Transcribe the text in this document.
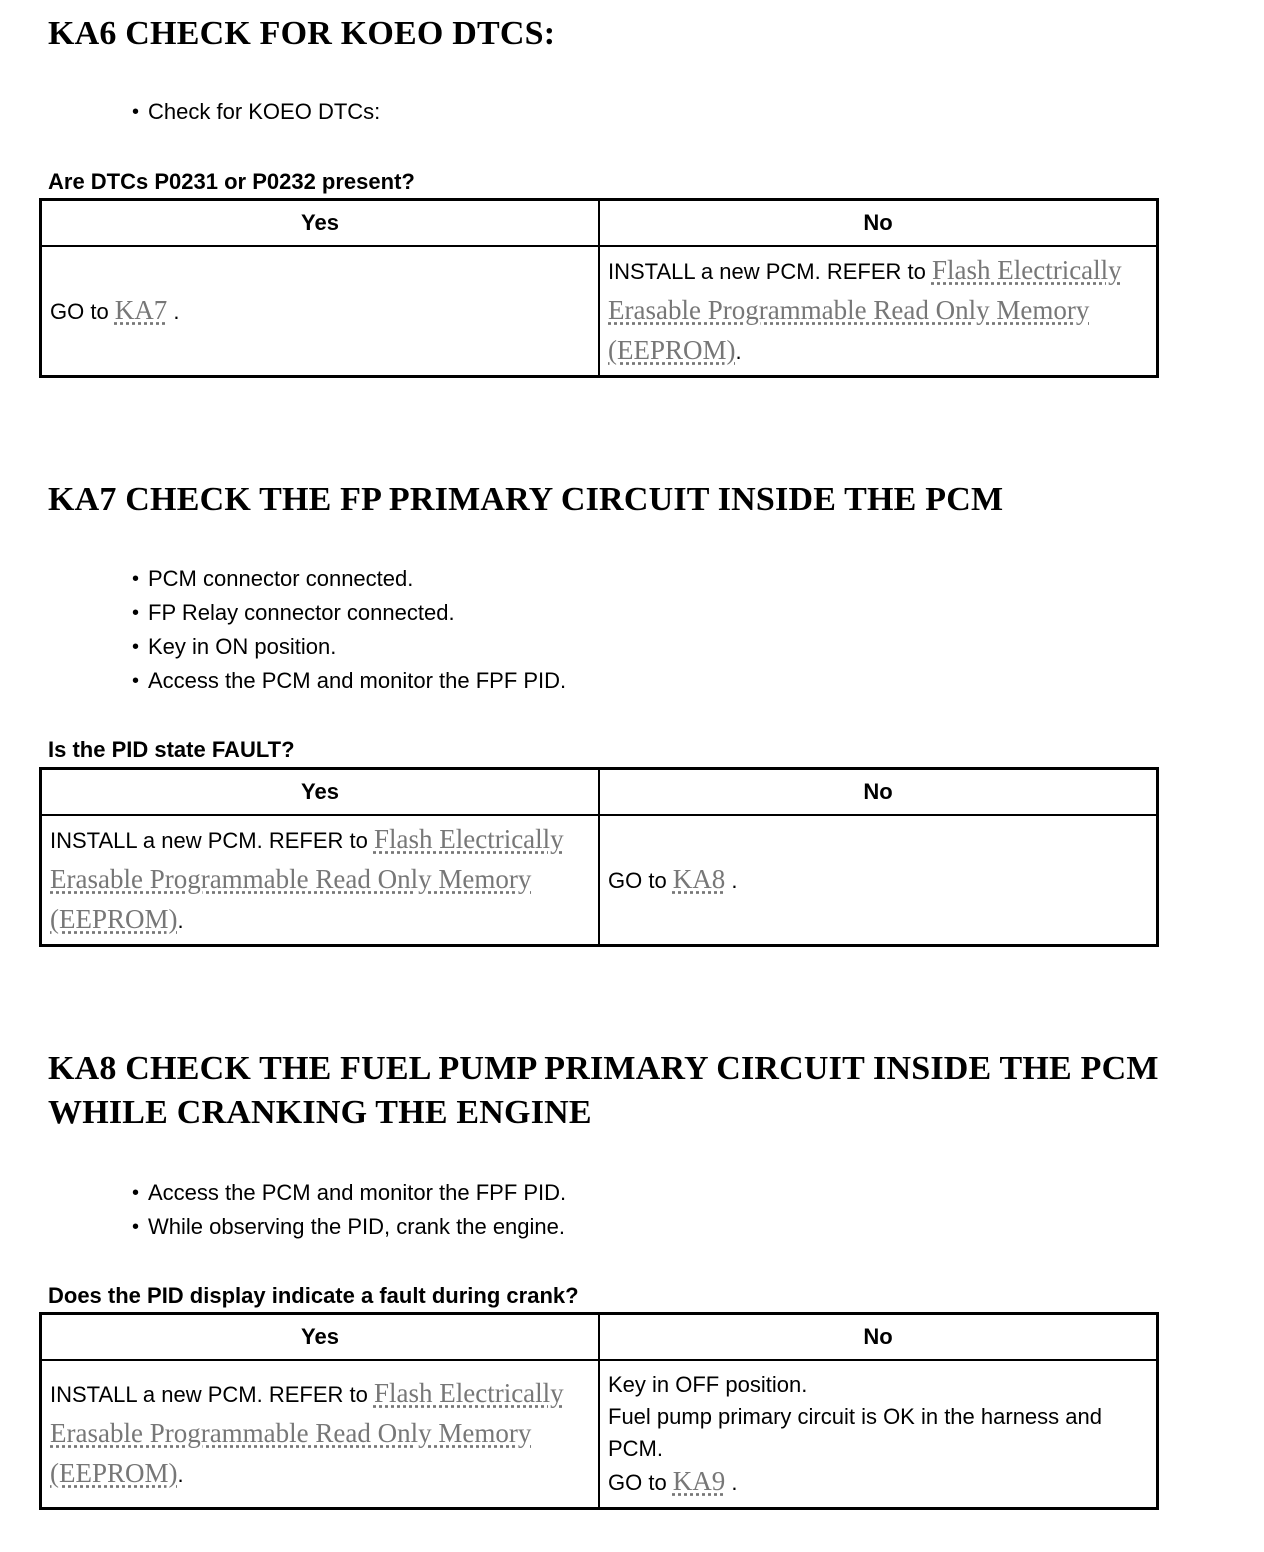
KA6 CHECK FOR KOEO DTCS:
• Check for KOEO DTCs:

Are DTCs P0231 or P0232 present?

Yes	No
GO to KA7 .	INSTALL a new PCM. REFER to Flash Electrically Erasable Programmable Read Only Memory (EEPROM).
KA7 CHECK THE FP PRIMARY CIRCUIT INSIDE THE PCM
• PCM connector connected.
• FP Relay connector connected.
• Key in ON position.
• Access the PCM and monitor the FPF PID.

Is the PID state FAULT?

Yes	No
INSTALL a new PCM. REFER to Flash Electrically Erasable Programmable Read Only Memory (EEPROM).	GO to KA8 .
KA8 CHECK THE FUEL PUMP PRIMARY CIRCUIT INSIDE THE PCM WHILE CRANKING THE ENGINE
• Access the PCM and monitor the FPF PID.
• While observing the PID, crank the engine.

Does the PID display indicate a fault during crank?

Yes	No
INSTALL a new PCM. REFER to Flash Electrically Erasable Programmable Read Only Memory (EEPROM).	Key in OFF position.
Fuel pump primary circuit is OK in the harness and PCM.
GO to KA9 .
